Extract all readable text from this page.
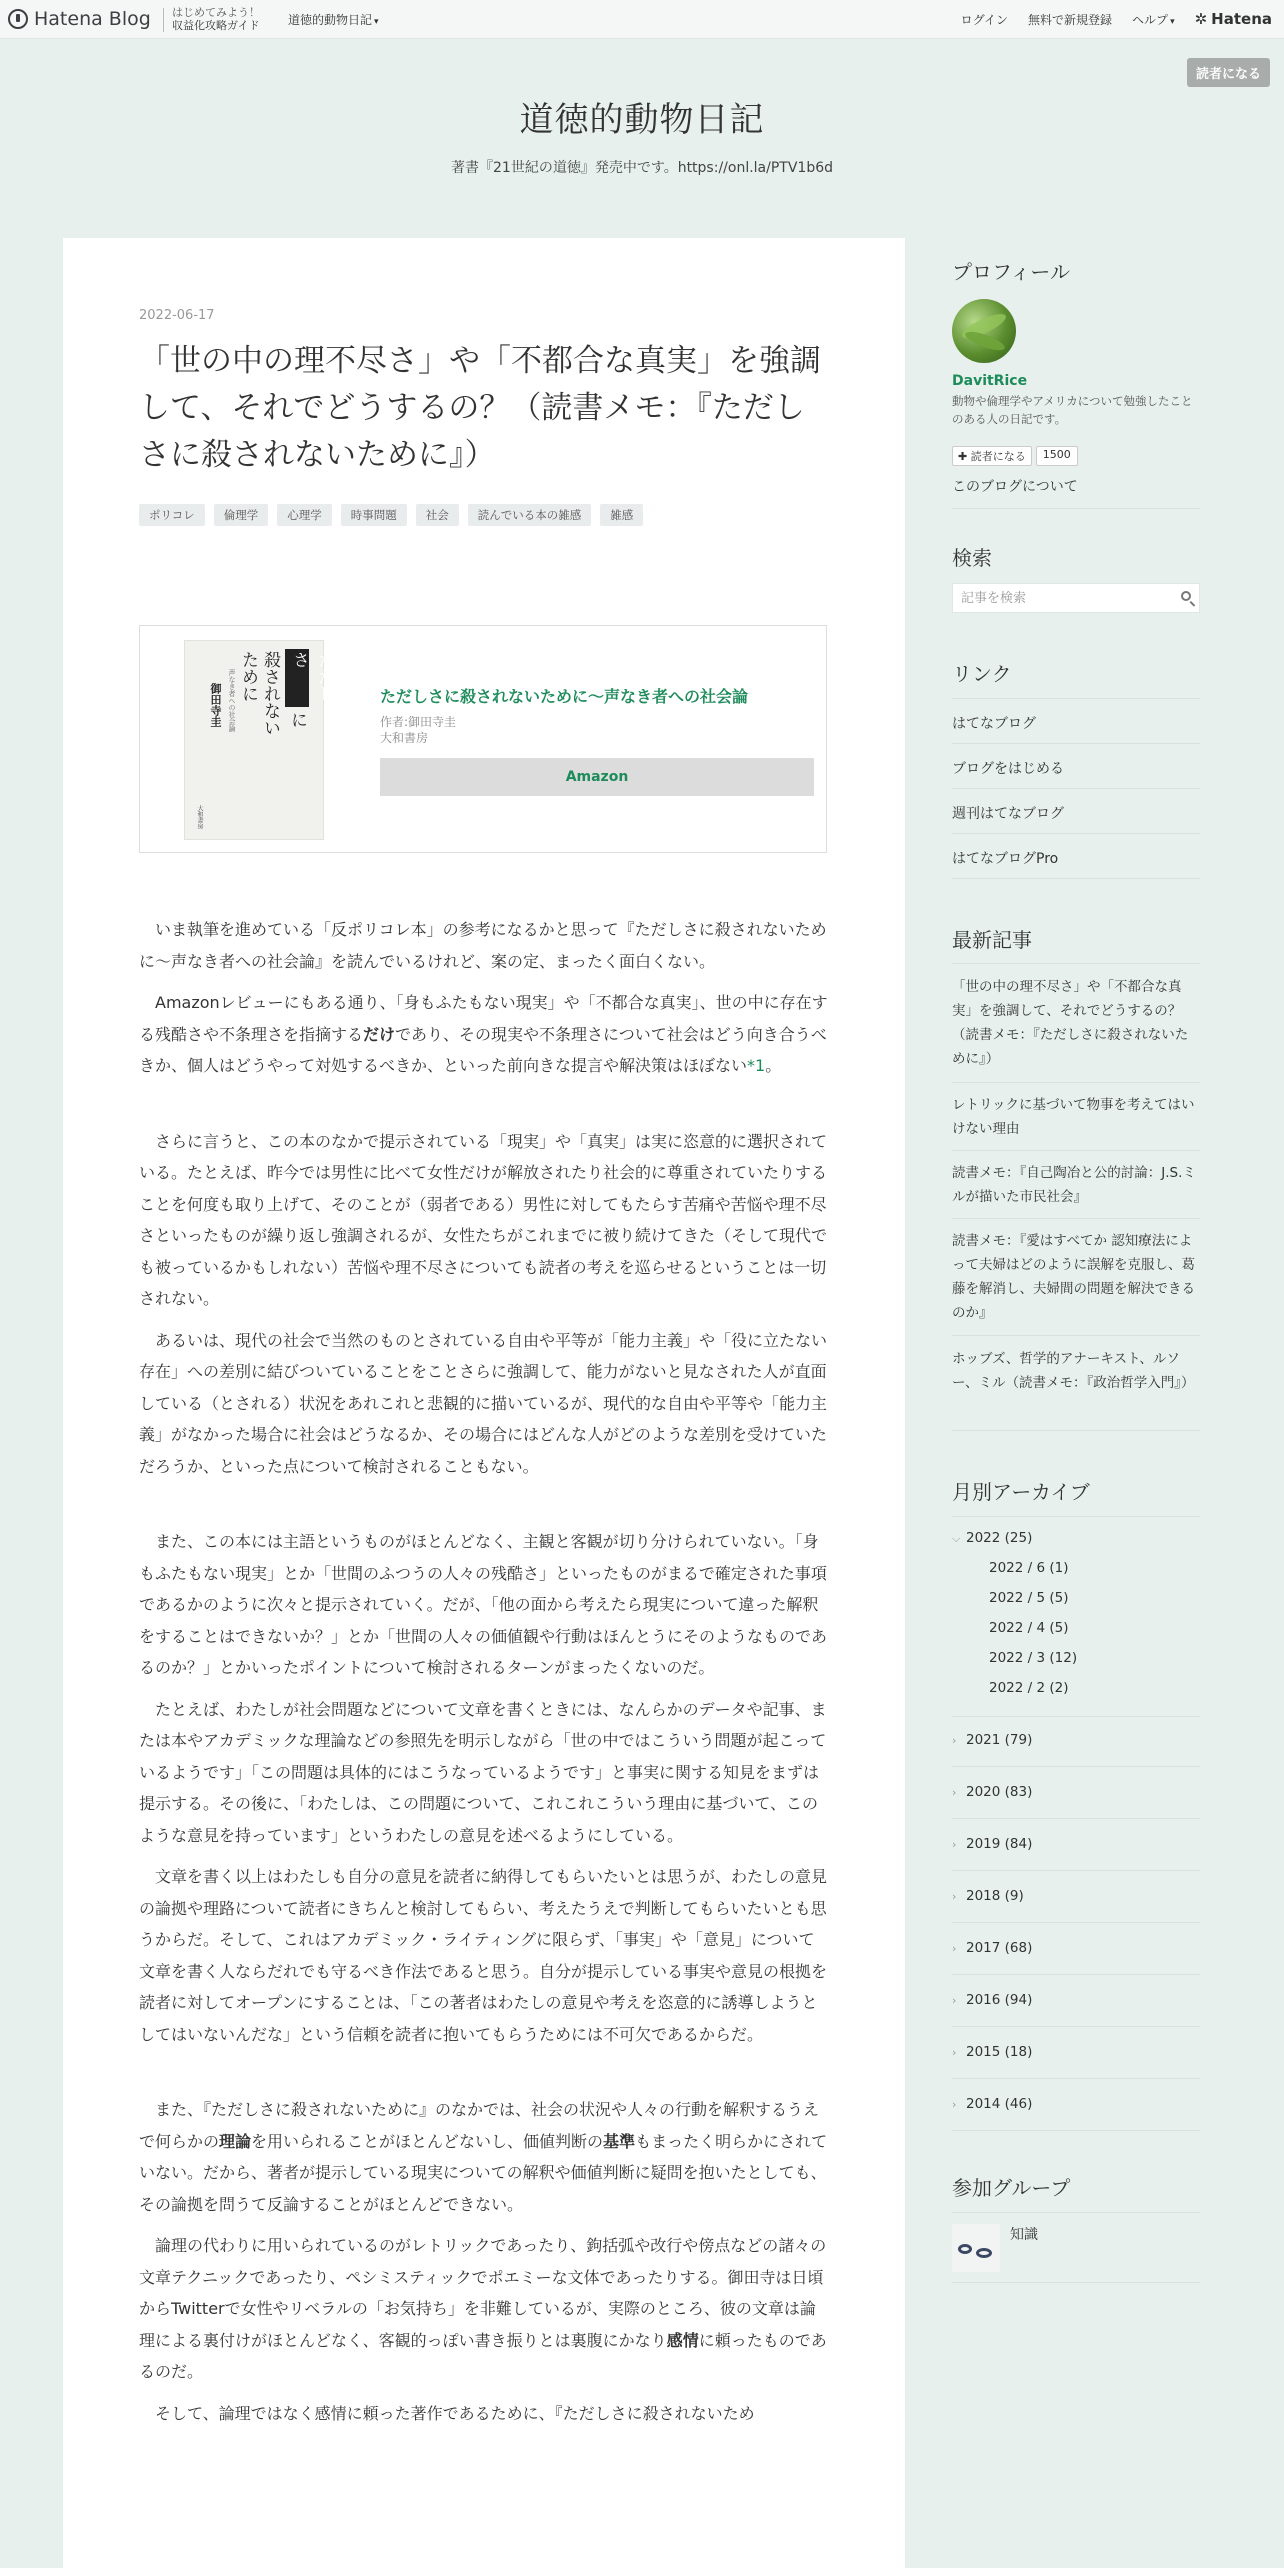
Hatena Blog はじめてみよう！
収益化攻略ガイド 道徳的動物日記 ▾	ログイン 無料で新規登録 ヘルプ ▾ ✲ Hatena
読者になる
道徳的動物日記
著書『21世紀の道徳』発売中です。https://onl.la/PTV1b6d
2022-06-17
「世の中の理不尽さ」や「不都合な真実」を強調して、それでどうするの？（読書メモ：『ただしさに殺されないために』）
ポリコレ	倫理学	心理学	時事問題	社会	読んでいる本の雑感	雑感
ただしさ
に
殺されない
ために
声なき者への社会論
御田寺圭
大和書房
ただしさに殺されないために～声なき者への社会論
作者:御田寺圭
大和書房
Amazon

いま執筆を進めている「反ポリコレ本」の参考になるかと思って『ただしさに殺されないために〜声なき者への社会論』を読んでいるけれど、案の定、まったく面白くない。

Amazonレビューにもある通り、「身もふたもない現実」や「不都合な真実」、世の中に存在する残酷さや不条理さを指摘するだけであり、その現実や不条理さについて社会はどう向き合うべきか、個人はどうやって対処するべきか、といった前向きな提言や解決策はほぼない*1。

さらに言うと、この本のなかで提示されている「現実」や「真実」は実に恣意的に選択されている。たとえば、昨今では男性に比べて女性だけが解放されたり社会的に尊重されていたりすることを何度も取り上げて、そのことが（弱者である）男性に対してもたらす苦痛や苦悩や理不尽さといったものが繰り返し強調されるが、女性たちがこれまでに被り続けてきた（そして現代でも被っているかもしれない）苦悩や理不尽さについても読者の考えを巡らせるということは一切されない。

あるいは、現代の社会で当然のものとされている自由や平等が「能力主義」や「役に立たない存在」への差別に結びついていることをことさらに強調して、能力がないと見なされた人が直面している（とされる）状況をあれこれと悲観的に描いているが、現代的な自由や平等や「能力主義」がなかった場合に社会はどうなるか、その場合にはどんな人がどのような差別を受けていただろうか、といった点について検討されることもない。

また、この本には主語というものがほとんどなく、主観と客観が切り分けられていない。「身もふたもない現実」とか「世間のふつうの人々の残酷さ」といったものがまるで確定された事項であるかのように次々と提示されていく。だが、「他の面から考えたら現実について違った解釈をすることはできないか？」とか「世間の人々の価値観や行動はほんとうにそのようなものであるのか？」とかいったポイントについて検討されるターンがまったくないのだ。

たとえば、わたしが社会問題などについて文章を書くときには、なんらかのデータや記事、または本やアカデミックな理論などの参照先を明示しながら「世の中ではこういう問題が起こっているようです」「この問題は具体的にはこうなっているようです」と事実に関する知見をまずは提示する。その後に、「わたしは、この問題について、これこれこういう理由に基づいて、このような意見を持っています」というわたしの意見を述べるようにしている。

文章を書く以上はわたしも自分の意見を読者に納得してもらいたいとは思うが、わたしの意見の論拠や理路について読者にきちんと検討してもらい、考えたうえで判断してもらいたいとも思うからだ。そして、これはアカデミック・ライティングに限らず、「事実」や「意見」について文章を書く人ならだれでも守るべき作法であると思う。自分が提示している事実や意見の根拠を読者に対してオープンにすることは、「この著者はわたしの意見や考えを恣意的に誘導しようとしてはいないんだな」という信頼を読者に抱いてもらうためには不可欠であるからだ。

また、『ただしさに殺されないために』のなかでは、社会の状況や人々の行動を解釈するうえで何らかの理論を用いられることがほとんどないし、価値判断の基準もまったく明らかにされていない。だから、著者が提示している現実についての解釈や価値判断に疑問を抱いたとしても、その論拠を問うて反論することがほとんどできない。

論理の代わりに用いられているのがレトリックであったり、鉤括弧や改行や傍点などの諸々の文章テクニックであったり、ペシミスティックでポエミーな文体であったりする。御田寺は日頃からTwitterで女性やリベラルの「お気持ち」を非難しているが、実際のところ、彼の文章は論理による裏付けがほとんどなく、客観的っぽい書き振りとは裏腹にかなり感情に頼ったものであるのだ。

そして、論理ではなく感情に頼った著作であるために、『ただしさに殺されないため

プロフィール
DavitRice
動物や倫理学やアメリカについて勉強したことのある人の日記です。
✚ 読者になる	1500
このブログについて
検索
記事を検索
リンク
はてなブログ
ブログをはじめる
週刊はてなブログ
はてなブログPro
最新記事
「世の中の理不尽さ」や「不都合な真実」を強調して、それでどうするの？（読書メモ：『ただしさに殺されないために』）
レトリックに基づいて物事を考えてはいけない理由
読書メモ：『自己陶冶と公的討論：J.S.ミルが描いた市民社会』
読書メモ：『愛はすべてか 認知療法によって夫婦はどのように誤解を克服し、葛藤を解消し、夫婦間の問題を解決できるのか』
ホッブズ、哲学的アナーキスト、ルソー、ミル（読書メモ：『政治哲学入門』）
月別アーカイブ
⌵ 2022 (25)
2022 / 6 (1)
2022 / 5 (5)
2022 / 4 (5)
2022 / 3 (12)
2022 / 2 (2)
› 2021 (79)
› 2020 (83)
› 2019 (84)
› 2018 (9)
› 2017 (68)
› 2016 (94)
› 2015 (18)
› 2014 (46)
参加グループ
知識
